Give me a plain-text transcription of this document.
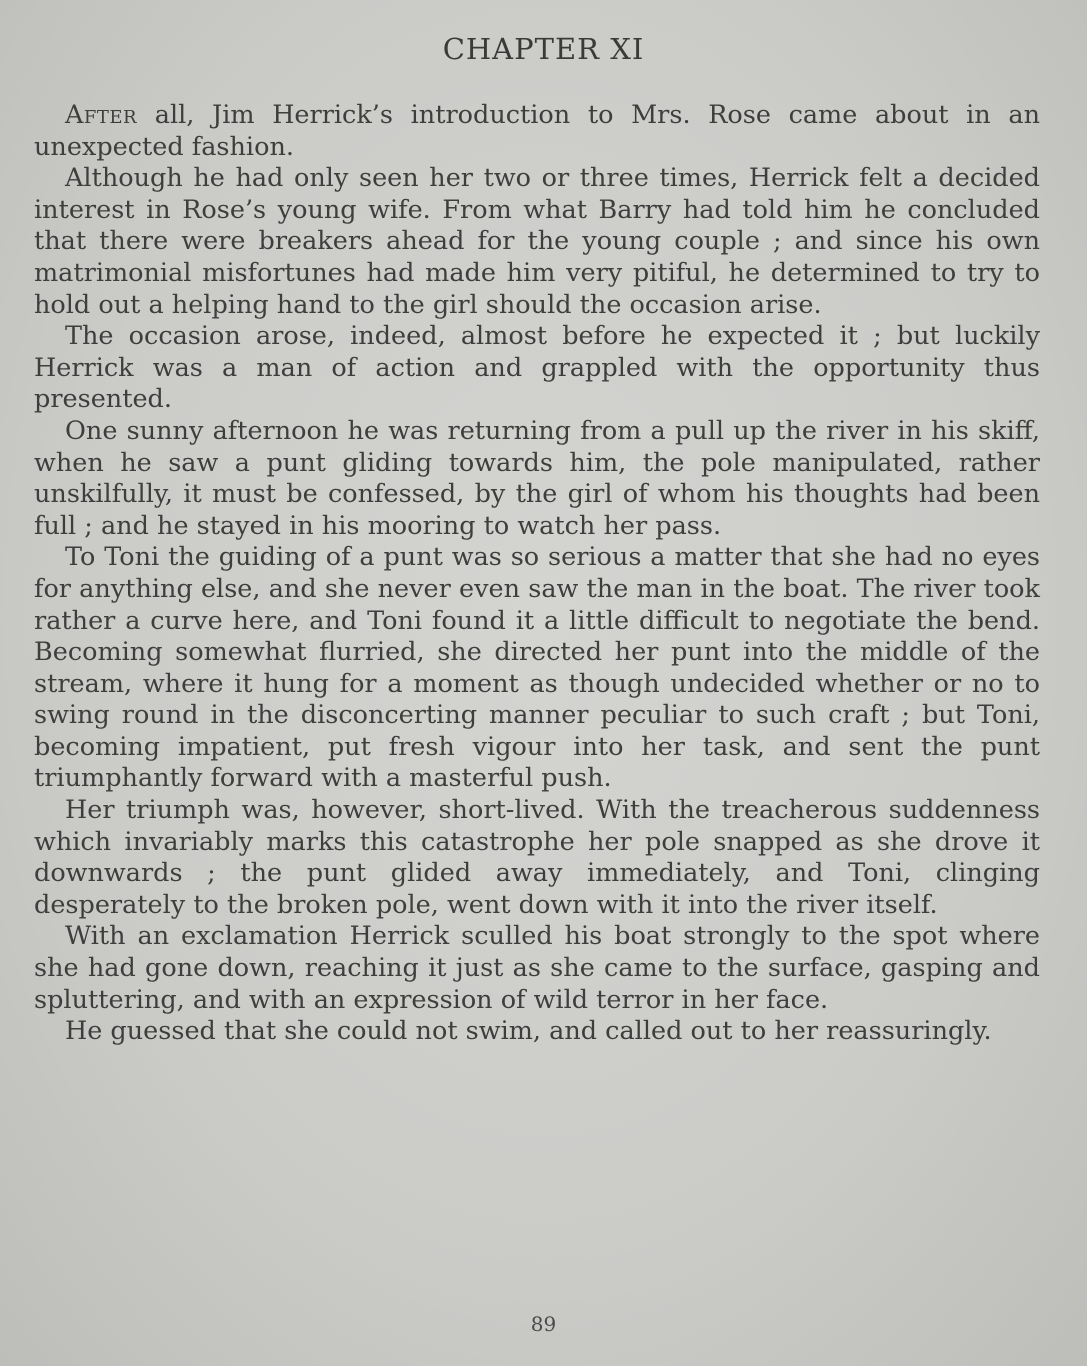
CHAPTER XI

After all, Jim Herrick’s introduction to Mrs. Rose came about in an unexpected fashion.

Although he had only seen her two or three times, Herrick felt a decided interest in Rose’s young wife. From what Barry had told him he concluded that there were breakers ahead for the young couple ; and since his own matrimonial misfortunes had made him very pitiful, he determined to try to hold out a helping hand to the girl should the occasion arise.

The occasion arose, indeed, almost before he expected it ; but luckily Herrick was a man of action and grappled with the opportunity thus presented.

One sunny afternoon he was returning from a pull up the river in his skiff, when he saw a punt gliding towards him, the pole manipulated, rather unskilfully, it must be confessed, by the girl of whom his thoughts had been full ; and he stayed in his mooring to watch her pass.

To Toni the guiding of a punt was so serious a matter that she had no eyes for anything else, and she never even saw the man in the boat. The river took rather a curve here, and Toni found it a little difficult to negotiate the bend. Becoming somewhat flurried, she directed her punt into the middle of the stream, where it hung for a moment as though undecided whether or no to swing round in the disconcerting manner peculiar to such craft ; but Toni, becoming impatient, put fresh vigour into her task, and sent the punt triumphantly forward with a masterful push.

Her triumph was, however, short-lived. With the treacherous suddenness which invariably marks this catastrophe her pole snapped as she drove it downwards ; the punt glided away immediately, and Toni, clinging desperately to the broken pole, went down with it into the river itself.

With an exclamation Herrick sculled his boat strongly to the spot where she had gone down, reaching it just as she came to the surface, gasping and spluttering, and with an expression of wild terror in her face.

He guessed that she could not swim, and called out to her reassuringly.

89
